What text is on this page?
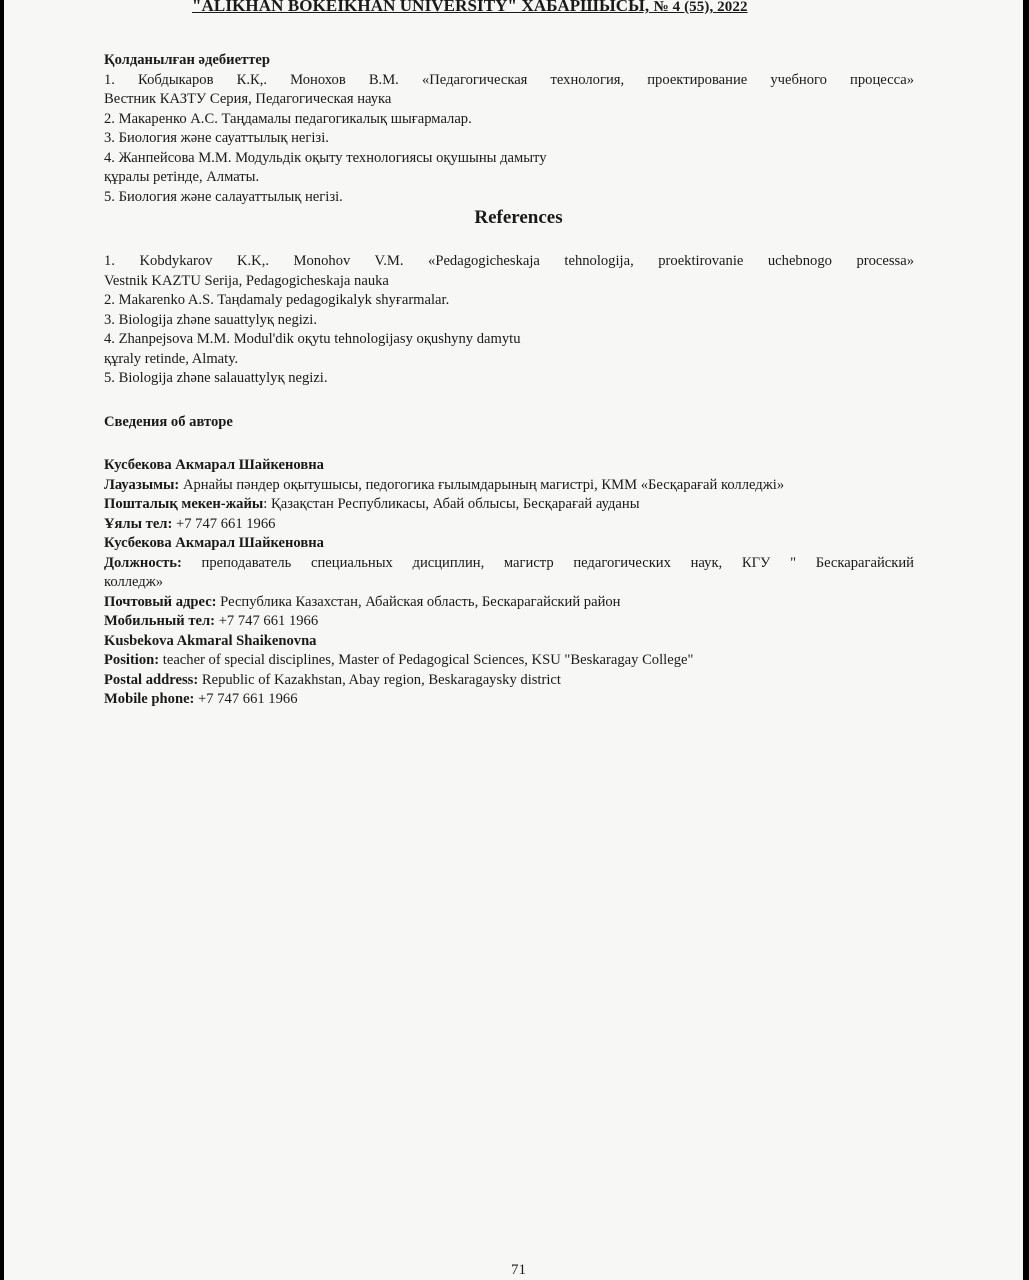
"ALIKHAN BOKEIKHAN UNIVERSITY" ХАБАРШЫСЫ, № 4 (55), 2022
Қолданылған әдебиеттер
1. Кобдыкаров К.К,. Монохов В.М. «Педагогическая технология, проектирование учебного процесса»
Вестник КАЗТУ Серия, Педагогическая наука
2. Макаренко А.С. Таңдамалы педагогикалық шығармалар.
3. Биология және сауаттылық негізі.
4. Жанпейсова М.М. Модульдік оқыту технологиясы оқушыны дамыту
құралы ретінде, Алматы.
5. Биология және салауаттылық негізі.
References
1. Kobdykarov K.K,. Monohov V.M. «Pedagogicheskaja tehnologija, proektirovanie uchebnogo processa»
Vestnik KAZTU Serija, Pedagogicheskaja nauka
2. Makarenko A.S. Taңdamaly pedagogikalyk shyғarmalar.
3. Biologija zhәne sauattylyқ negizi.
4. Zhanpejsova M.M. Modul'dik oқytu tehnologijasy oқushyny damytu
құraly retinde, Almaty.
5. Biologija zhәne salauattylyқ negizi.
Сведения об авторе
Кусбекова Акмарал Шайкеновна
Лауазымы: Арнайы пәндер оқытушысы, педогогика ғылымдарының магистрі, КММ «Бесқарағай колледжі»
Пошталық мекен-жайы: Қазақстан Республикасы, Абай облысы, Бесқарағай ауданы
Ұялы тел: +7 747 661 1966
Кусбекова Акмарал Шайкеновна
Должность: преподаватель специальных дисциплин, магистр педагогических наук, КГУ " Бескарагайский
колледж»
Почтовый адрес: Республика Казахстан, Абайская область, Бескарагайский район
Мобильный тел: +7 747 661 1966
Kusbekova Akmaral Shaikenovna
Position: teacher of special disciplines, Master of Pedagogical Sciences, KSU "Beskaragay College"
Postal address: Republic of Kazakhstan, Abay region, Beskaragaysky district
Mobile phone: +7 747 661 1966
71
